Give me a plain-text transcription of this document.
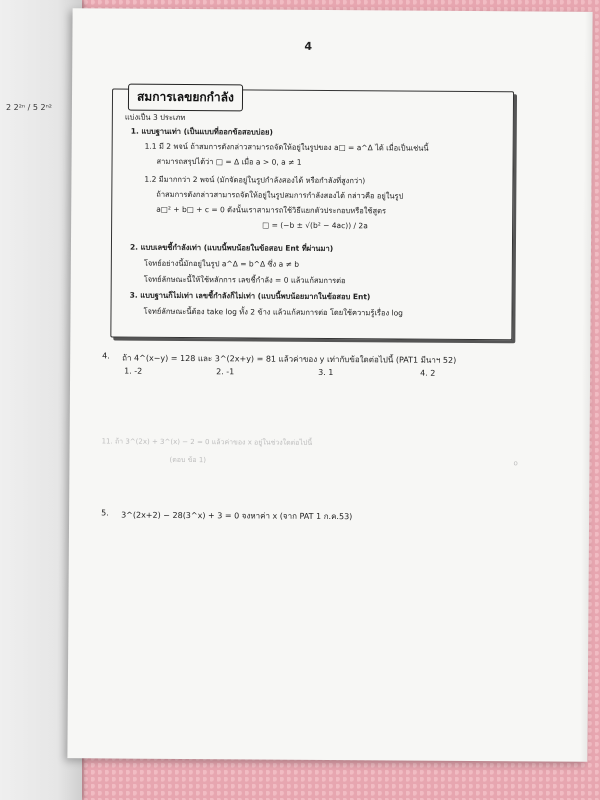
2 2²ⁿ / 5 2ⁿ²
4
สมการเลขยกกำลัง
แบ่งเป็น 3 ประเภท
1. แบบฐานเท่า (เป็นแบบที่ออกข้อสอบบ่อย)
1.1 มี 2 พจน์ ถ้าสมการดังกล่าวสามารถจัดให้อยู่ในรูปของ a□ = a^Δ ได้ เมื่อเป็นเช่นนี้
สามารถสรุปได้ว่า □ = Δ เมื่อ a > 0, a ≠ 1
1.2 มีมากกว่า 2 พจน์ (มักจัดอยู่ในรูปกำลังสองได้ หรือกำลังที่สูงกว่า)
ถ้าสมการดังกล่าวสามารถจัดให้อยู่ในรูปสมการกำลังสองได้ กล่าวคือ อยู่ในรูป
a□² + b□ + c = 0 ดังนั้นเราสามารถใช้วิธีแยกตัวประกอบหรือใช้สูตร
□ = (−b ± √(b² − 4ac)) / 2a
2. แบบเลขชี้กำลังเท่า (แบบนี้พบน้อยในข้อสอบ Ent ที่ผ่านมา)
โจทย์อย่างนี้มักอยู่ในรูป a^Δ = b^Δ ซึ่ง a ≠ b
โจทย์ลักษณะนี้ให้ใช้หลักการ เลขชี้กำลัง = 0 แล้วแก้สมการต่อ
3. แบบฐานก็ไม่เท่า เลขชี้กำลังก็ไม่เท่า (แบบนี้พบน้อยมากในข้อสอบ Ent)
โจทย์ลักษณะนี้ต้อง take log ทั้ง 2 ข้าง แล้วแก้สมการต่อ โดยใช้ความรู้เรื่อง log
4. ถ้า 4^(x−y) = 128 และ 3^(2x+y) = 81 แล้วค่าของ y เท่ากับข้อใดต่อไปนี้ (PAT1 มีนาฯ 52)
1. -2	2. -1	3. 1	4. 2
11. ถ้า 3^(2x) + 3^(x) − 2 = 0 แล้วค่าของ x อยู่ในช่วงใดต่อไปนี้
(ตอบ ข้อ 1)	o
5. 3^(2x+2) − 28(3^x) + 3 = 0 จงหาค่า x (จาก PAT 1 ก.ค.53)
